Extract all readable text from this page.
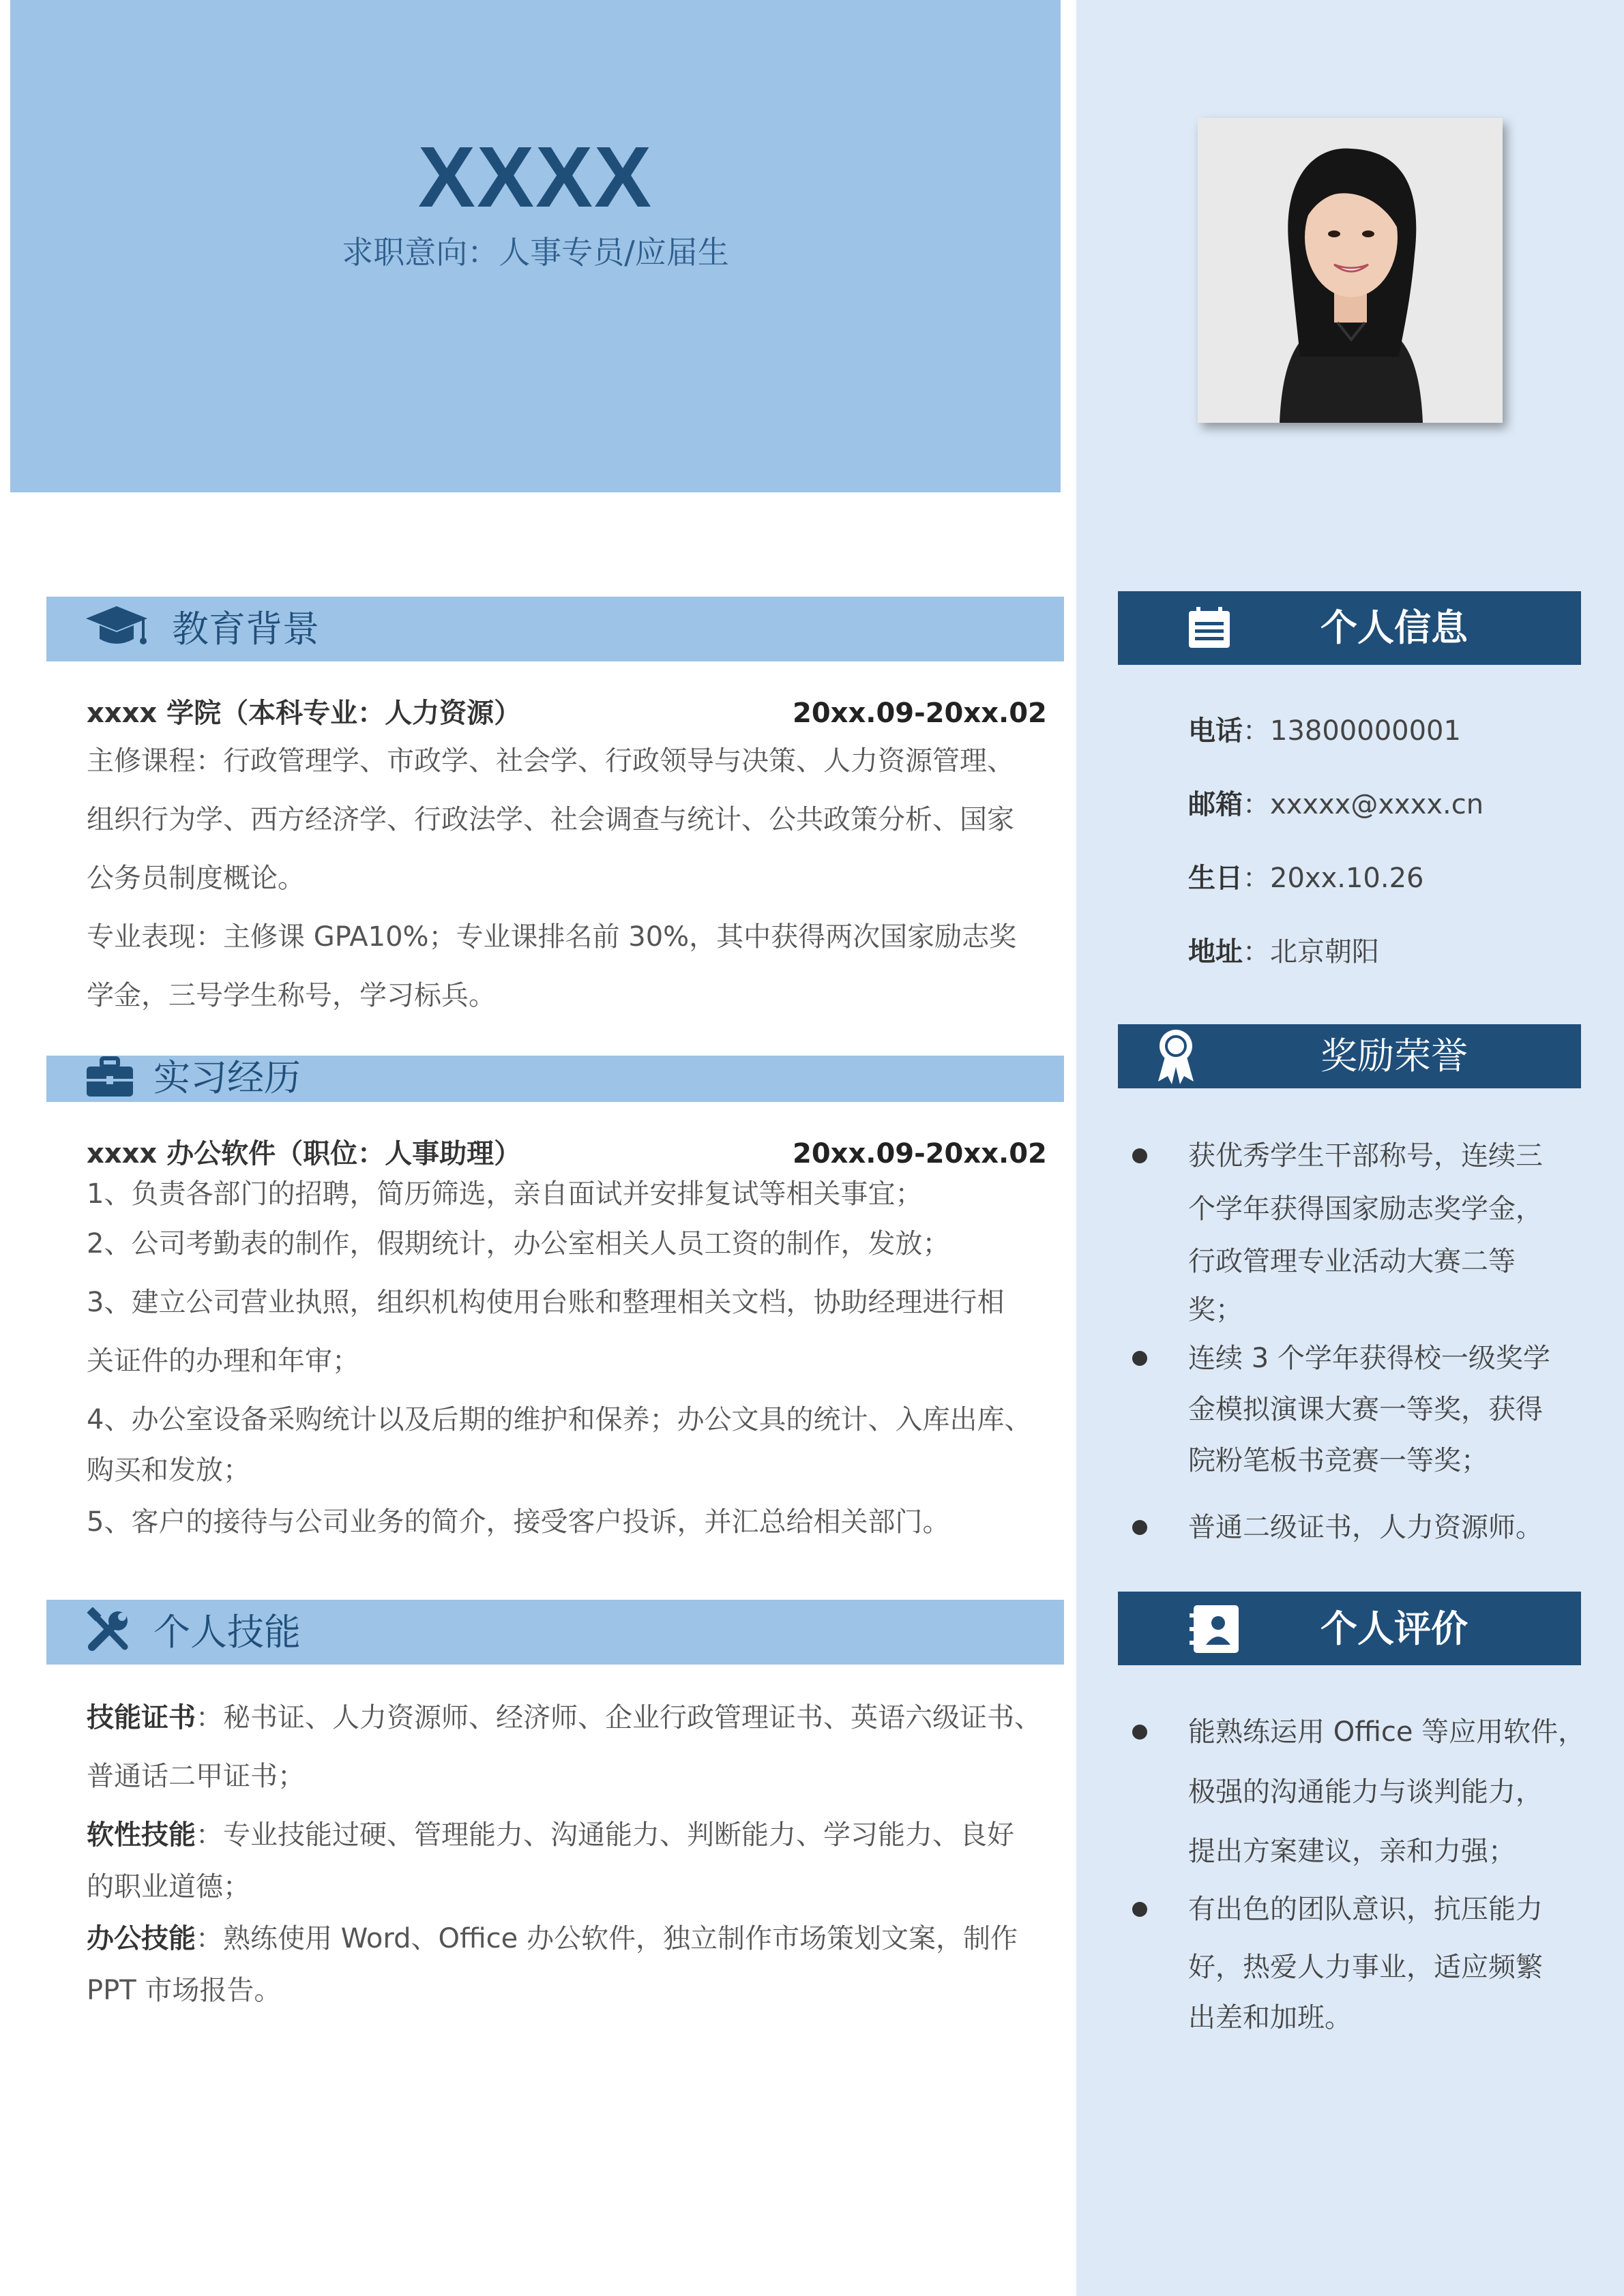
XXXX
求职意向：人事专员/应届生
教育背景
xxxx 学院（本科专业：人力资源）	20xx.09-20xx.02
主修课程：行政管理学、市政学、社会学、行政领导与决策、人力资源管理、
组织行为学、西方经济学、行政法学、社会调查与统计、公共政策分析、国家
公务员制度概论。
专业表现：主修课 GPA10%；专业课排名前 30%，其中获得两次国家励志奖
学金，三号学生称号，学习标兵。
实习经历
xxxx 办公软件（职位：人事助理）	20xx.09-20xx.02
1、负责各部门的招聘，简历筛选，亲自面试并安排复试等相关事宜；
2、公司考勤表的制作，假期统计，办公室相关人员工资的制作，发放；
3、建立公司营业执照，组织机构使用台账和整理相关文档，协助经理进行相
关证件的办理和年审；
4、办公室设备采购统计以及后期的维护和保养；办公文具的统计、入库出库、
购买和发放；
5、客户的接待与公司业务的简介，接受客户投诉，并汇总给相关部门。
个人技能
技能证书：秘书证、人力资源师、经济师、企业行政管理证书、英语六级证书、
普通话二甲证书；
软性技能：专业技能过硬、管理能力、沟通能力、判断能力、学习能力、良好
的职业道德；
办公技能：熟练使用 Word、Office 办公软件，独立制作市场策划文案，制作
PPT 市场报告。
个人信息
电话：13800000001
邮箱：xxxxx@xxxx.cn
生日：20xx.10.26
地址：北京朝阳
奖励荣誉
获优秀学生干部称号，连续三
个学年获得国家励志奖学金，
行政管理专业活动大赛二等
奖；
连续 3 个学年获得校一级奖学
金模拟演课大赛一等奖，获得
院粉笔板书竞赛一等奖；
普通二级证书，人力资源师。
个人评价
能熟练运用 Office 等应用软件，
极强的沟通能力与谈判能力，
提出方案建议，亲和力强；
有出色的团队意识，抗压能力
好，热爱人力事业，适应频繁
出差和加班。
